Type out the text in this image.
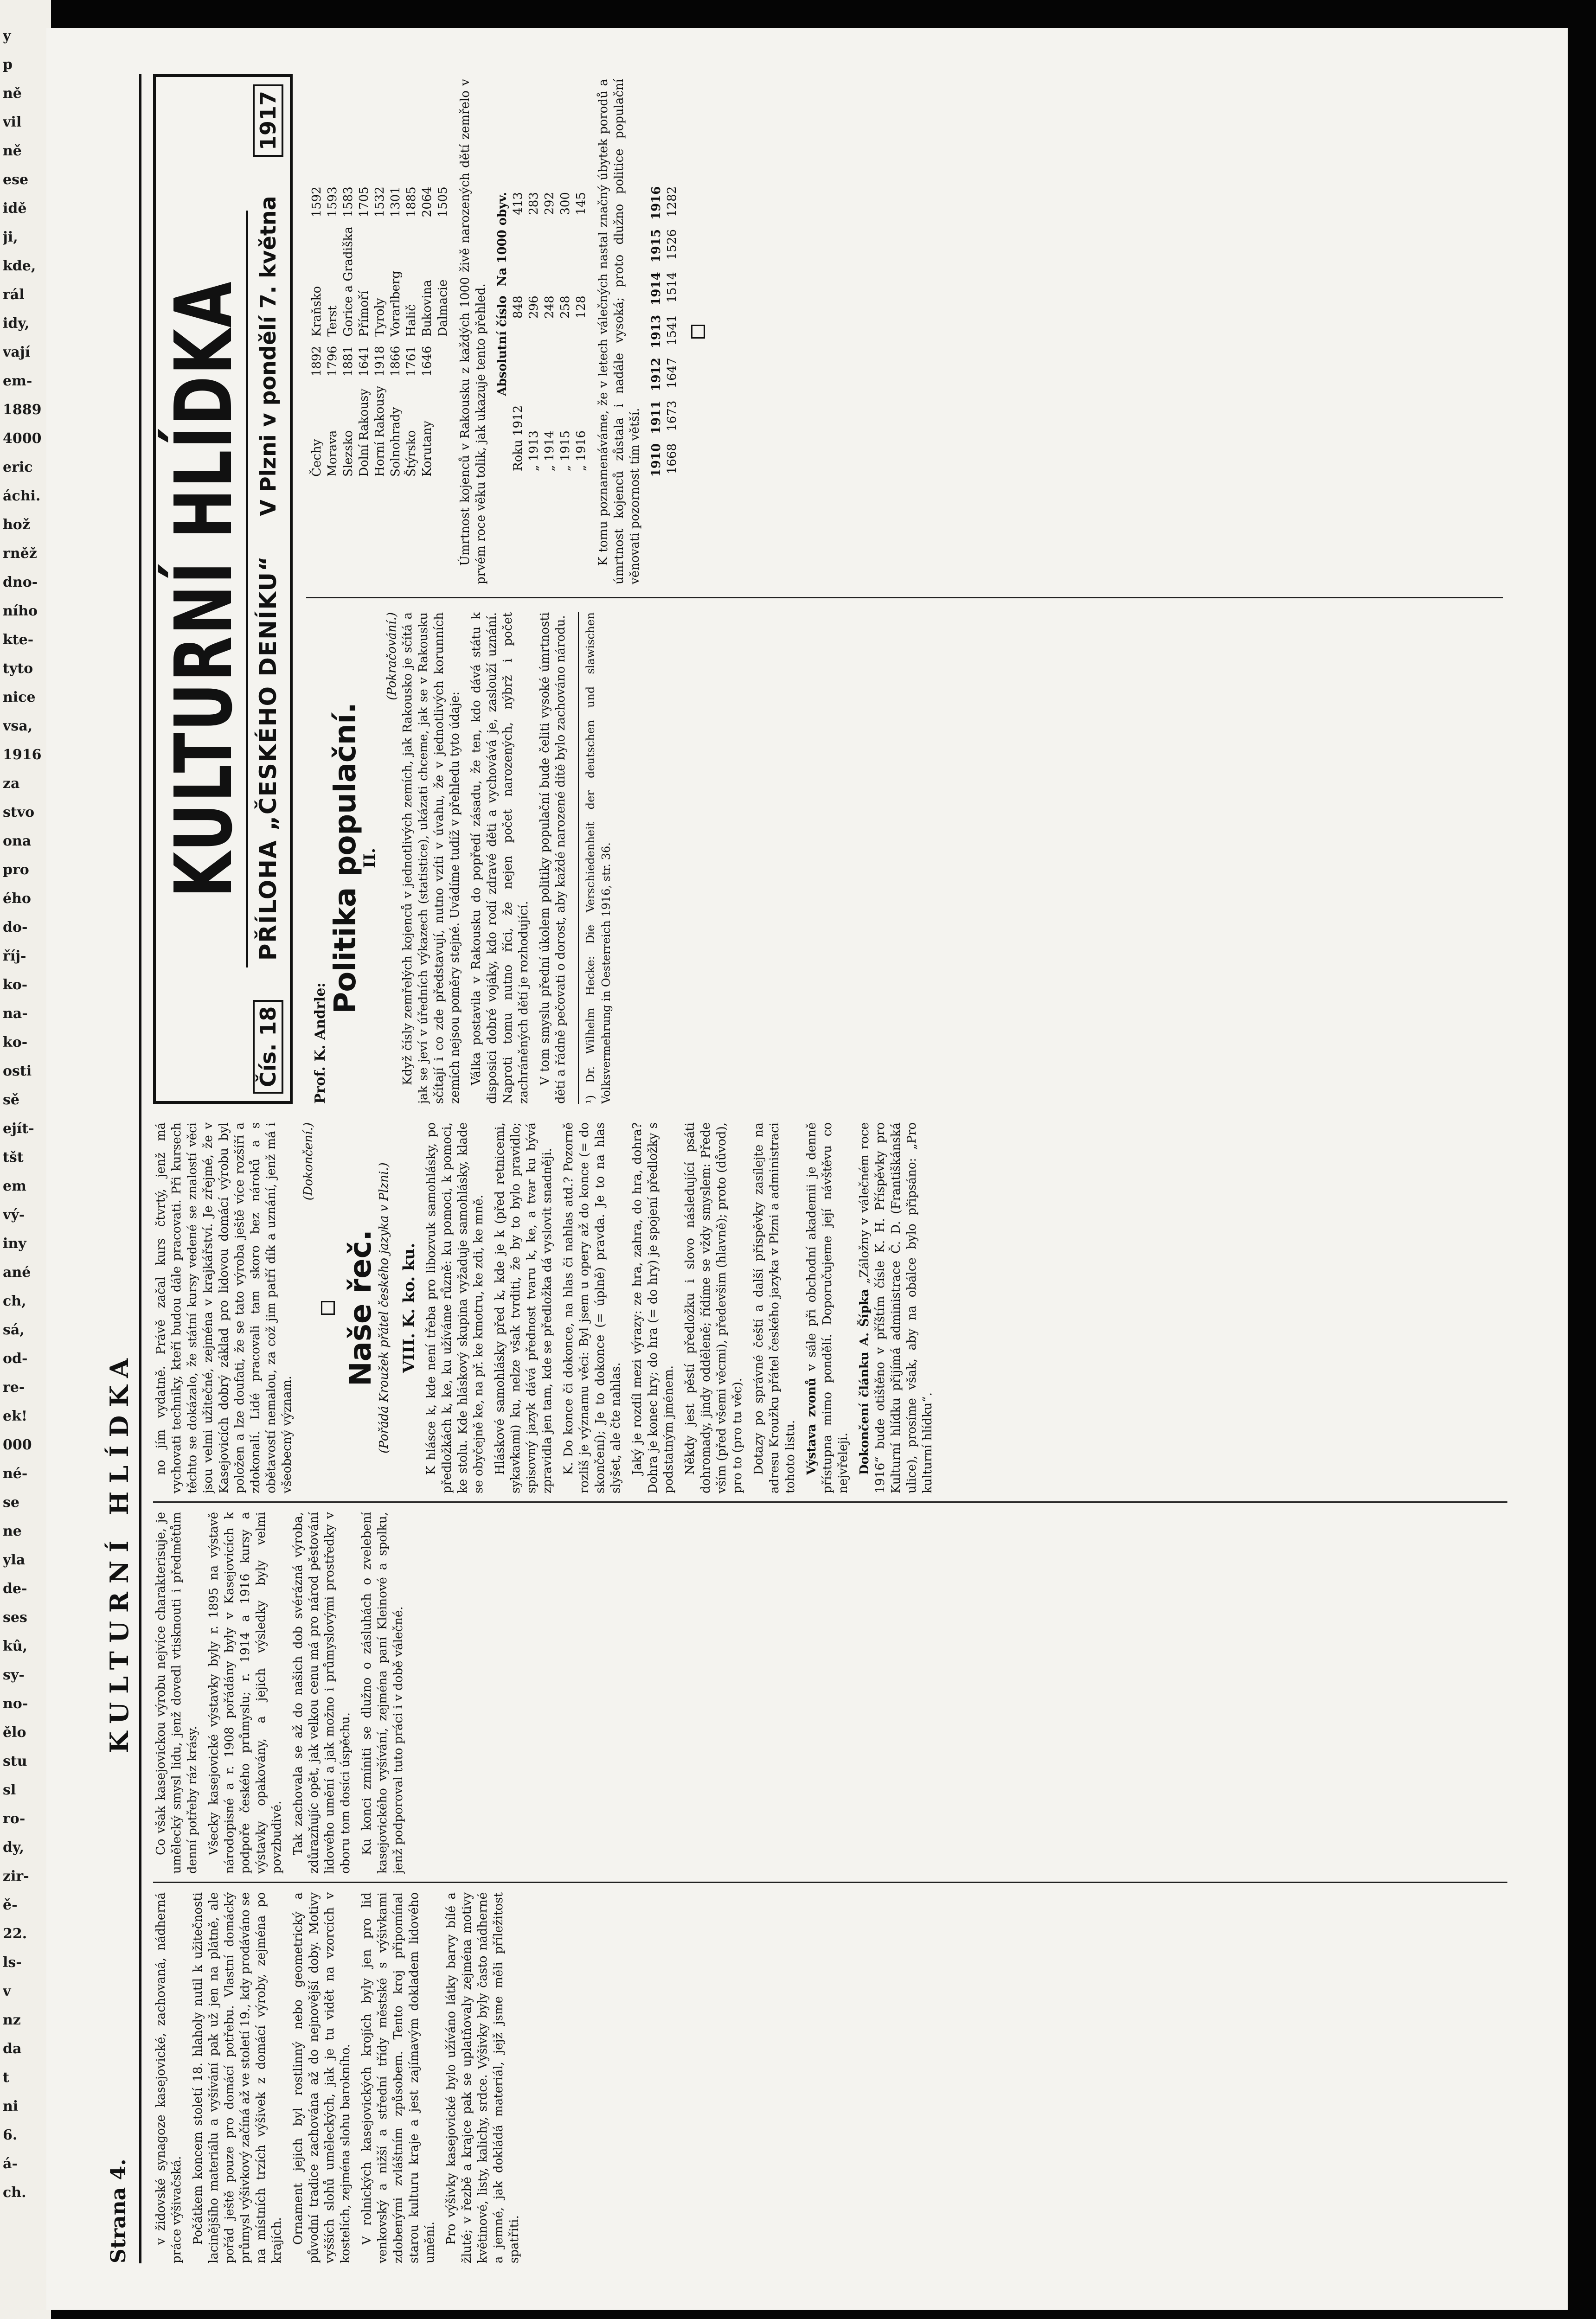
y
p
ně
vil
ně
ese
idě
ji,
kde,
rál
idy,
vají
em-
1889
4000
eric
áchi.
hož
rněž
dno-
ního
kte-
tyto
nice
vsa,
1916
za
stvo
ona
pro
ého
do-
říj-
ko-
na-
ko-
osti
sě
ejít-
tšt
em
vý-
iny
ané
ch,
sá,
od-
re-
ek!
000
né-
se
ne
yla
de-
ses
kû,
sy-
no-
ělo
stu
sl
ro-
dy,
zir-
ě-
22.
ls-
v
nz
da
t
ni
6.
á-
ch.	Strana 4.
KULTURNÍ HLÍDKA

v židovské synagoze kasejovické, zachovaná, nádherná práce výšivačská. Počátkem koncem století 18. hlaholy nutil k užitečnosti lacinějšího materiálu a vyšívání pak už jen na plátně, ale pořád ještě pouze pro domácí potřebu. Vlastní domácký průmysl výšivkový začíná až ve století 19., kdy prodáváno se na místních trzích výšivek z domácí výroby, zejména po krajích. Ornament jejich byl rostlinný nebo geometrický a původní tradice zachována až do nejnovější doby. Motivy vyšších slohů uměleckých, jak je tu vidět na vzorcích v kostelích, zejména slohu barokního. V rolnických kasejovických krojích byly jen pro lid venkovský a nižší a střední třídy městské s výšivkami zdobenými zvláštním způsobem. Tento kroj připomínal starou kulturu kraje a jest zajímavým dokladem lidového umění. Pro výšivky kasejovické bylo užíváno látky barvy bílé a žluté; v řezbě a krajce pak se uplatňovaly zejména motivy květinové, listy, kalichy, srdce. Výšivky byly často nádherné a jemné, jak dokládá materiál, jejž jsme měli příležitost spatřiti.

Co však kasejovickou výrobu nejvíce charakterisuje, je umělecký smysl lidu, jenž dovedl vtisknouti i předmětům denní potřeby ráz krásy. Všecky kasejovické výstavky byly r. 1895 na výstavě národopisné a r. 1908 pořádány byly v Kasejovicích k podpoře českého průmyslu; r. 1914 a 1916 kursy a výstavky opakovány, a jejich výsledky byly velmi povzbudivé. Tak zachovala se až do našich dob svérázná výroba, zdůrazňujíc opět, jak velkou cenu má pro národ pěstování lidového umění a jak možno i průmyslovými prostředky v oboru tom dosíci úspěchu. Ku konci zmíniti se dlužno o zásluhách o zvelebení kasejovického vyšívání, zejména paní Kleinové a spolku, jenž podporoval tuto práci i v době válečné.

no jím vydatně. Právě začal kurs čtvrtý, jenž má vychovati techniky, kteří budou dále pracovati. Při kursech těchto se dokázalo, že státní kursy vedené se znalostí věci jsou velmi užitečné, zejména v krajkářství. Je zřejmé, že v Kasejovicích dobrý základ pro lidovou domácí výrobu byl položen a lze doufati, že se tato výroba ještě více rozšíří a zdokonalí. Lidé pracovali tam skoro bez nároků a s obětavostí nemalou, za což jim patří dík a uznání, jenž má i všeobecný význam.

(Dokončení.)
Naše řeč.
(Pořádá Kroužek přátel českého jazyka v Plzni.) VIII. K. ko. ku. K hlásce k, kde není třeba pro libozvuk samohlásky, po předložkách k, ke, ku užíváme různě: ku pomoci, k pomoci, ke stolu. Kde hláskový skupina vyžaduje samohlásky, klade se obyčejně ke, na př. ke kmotru, ke zdi, ke mně. Hláskové samohlásky před k, kde je k (před retnicemi, sykavkami) ku, nelze však tvrditi, že by to bylo pravidlo; spisovný jazyk dává přednost tvaru k, ke, a tvar ku bývá zpravidla jen tam, kde se předložka dá vyslovit snadněji. K. Do konce či dokonce, na hlas či nahlas atd.? Pozorně rozliš je významu věci: Byl jsem u opery až do konce (= do skončení); Je to dokonce (= úplně) pravda. Je to na hlas slyšet, ale čte nahlas. Jaký je rozdíl mezi výrazy: ze hra, zahra, do hra, dohra? Dohra je konec hry; do hra (= do hry) je spojení předložky s podstatným jménem. Někdy jest pěstí předložku i slovo následující psáti dohromady, jindy odděleně; řídíme se vždy smyslem: Přede vším (před všemi věcmi), předevšim (hlavně); proto (důvod), pro to (pro tu věc). Dotazy po správné čeští a další příspěvky zasílejte na adresu Kroužku přátel českého jazyka v Plzni a administraci tohoto listu. Výstava zvonů v sále při obchodní akademii je denně přístupna mimo pondělí. Doporučujeme její návštěvu co nejvřeleji. Dokončení článku A. Šípka „Záložny v válečném roce 1916“ bude otištěno v příštím čísle K. H. Příspěvky pro Kulturní hlídku přijímá administrace Č. D. (Františkánská ulice), prosíme však, aby na obálce bylo připsáno: „Pro kulturní hlídku“.

KULTURNÍ HLÍDKA
Čís. 18
PŘÍLOHA „ČESKÉHO DENÍKU“
V Plzni v pondělí 7. května
1917
Prof. K. Andrle:
Politika populační.
II.
(Pokračování.) Když čísly zemřelých kojenců v jednotlivých zemích, jak Rakousko je sčítá a jak se jeví v úředních výkazech (statistice), ukázati chceme, jak se v Rakousku sčítají i co zde představují, nutno vzíti v úvahu, že v jednotlivých korunních zemích nejsou poměry stejné. Uvádíme tudíž v přehledu tyto údaje: Válka postavila v Rakousku do popředí zásadu, že ten, kdo dává státu k disposici dobré vojáky, kdo rodí zdravé děti a vychovává je, zaslouží uznání. Naproti tomu nutno říci, že nejen počet narozených, nýbrž i počet zachráněných dětí je rozhodující. V tom smyslu přední úkolem politiky populační bude čeliti vysoké úmrtnosti dětí a řádně pečovati o dorost, aby každé narozené dítě bylo zachováno národu.	¹) Dr. Wilhelm Hecke: Die Verschiedenheit der deutschen und slawischen Volksvermehrung in Oesterreich 1916, str. 36.
Čechy	1892	Kraňsko	1592
Morava	1796	Terst	1593
Slezsko	1881	Gorice a Gradiška	1583
Dolní Rakousy	1641	Přímoří	1705
Horní Rakousy	1918	Tyroly	1532
Solnohrady	1866	Vorarlberg	1301
Štýrsko	1761	Halič	1885
Korutany	1646	Bukovina	2064
		Dalmacie	1505 Úmrtnost kojenců v Rakousku z každých 1000 živě narozených dětí zemřelo v prvém roce věku tolik, jak ukazuje tento přehled.

	Absolutní číslo	Na 1000 obyv.
Roku 1912	848	413
„ 1913	296	283
„ 1914	248	292
„ 1915	258	300
„ 1916	128	145 K tomu poznamenáváme, že v letech válečných nastal značný úbytek porodů a úmrtnost kojenců zůstala i nadále vysoká; proto dlužno politice populační věnovati pozornost tím větší. 1910	1911	1912	1913	1914	1915	1916
1668	1673	1647	1541	1514	1526	1282
